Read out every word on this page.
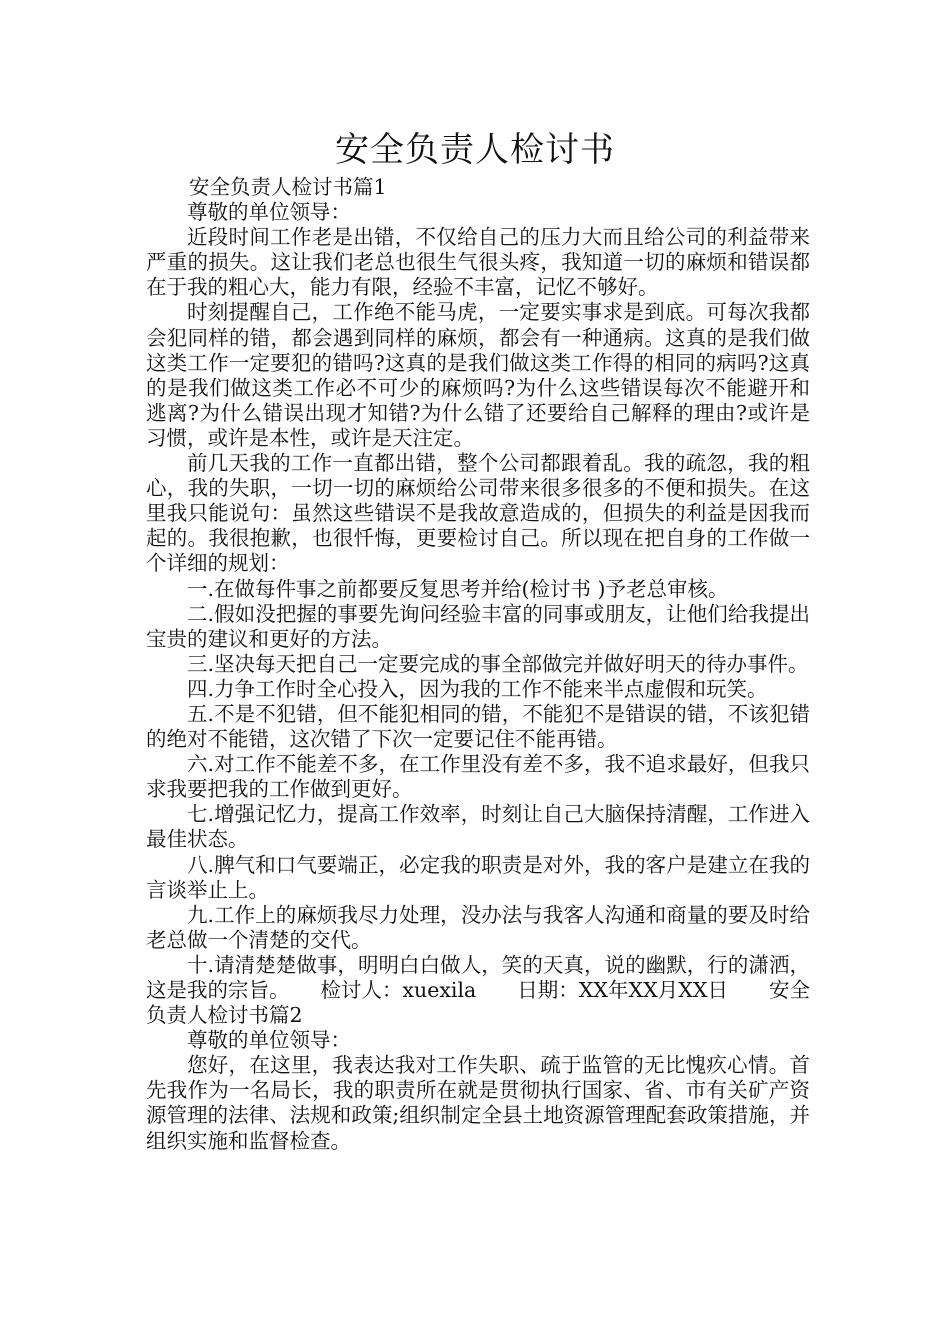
安全负责人检讨书

安全负责人检讨书篇1

尊敬的单位领导：

近段时间工作老是出错，不仅给自己的压力大而且给公司的利益带来严重的损失。这让我们老总也很生气很头疼，我知道一切的麻烦和错误都在于我的粗心大，能力有限，经验不丰富，记忆不够好。

时刻提醒自己，工作绝不能马虎，一定要实事求是到底。可每次我都会犯同样的错，都会遇到同样的麻烦，都会有一种通病。这真的是我们做这类工作一定要犯的错吗?这真的是我们做这类工作得的相同的病吗?这真的是我们做这类工作必不可少的麻烦吗?为什么这些错误每次不能避开和逃离?为什么错误出现才知错?为什么错了还要给自己解释的理由?或许是习惯，或许是本性，或许是天注定。

前几天我的工作一直都出错，整个公司都跟着乱。我的疏忽，我的粗心，我的失职，一切一切的麻烦给公司带来很多很多的不便和损失。在这里我只能说句：虽然这些错误不是我故意造成的，但损失的利益是因我而起的。我很抱歉，也很忏悔，更要检讨自己。所以现在把自身的工作做一个详细的规划：

一.在做每件事之前都要反复思考并给(检讨书 )予老总审核。

二.假如没把握的事要先询问经验丰富的同事或朋友，让他们给我提出宝贵的建议和更好的方法。

三.坚决每天把自己一定要完成的事全部做完并做好明天的待办事件。

四.力争工作时全心投入，因为我的工作不能来半点虚假和玩笑。

五.不是不犯错，但不能犯相同的错，不能犯不是错误的错，不该犯错的绝对不能错，这次错了下次一定要记住不能再错。

六.对工作不能差不多，在工作里没有差不多，我不追求最好，但我只求我要把我的工作做到更好。

七.增强记忆力，提高工作效率，时刻让自己大脑保持清醒，工作进入最佳状态。

八.脾气和口气要端正，必定我的职责是对外，我的客户是建立在我的言谈举止上。

九.工作上的麻烦我尽力处理，没办法与我客人沟通和商量的要及时给老总做一个清楚的交代。

十.请清楚楚做事，明明白白做人，笑的天真，说的幽默，行的潇洒，这是我的宗旨。　　检讨人：xuexila　　日期：XX年XX月XX日　　安全负责人检讨书篇2

尊敬的单位领导：

您好，在这里，我表达我对工作失职、疏于监管的无比愧疚心情。首先我作为一名局长，我的职责所在就是贯彻执行国家、省、市有关矿产资源管理的法律、法规和政策;组织制定全县土地资源管理配套政策措施，并组织实施和监督检查。
